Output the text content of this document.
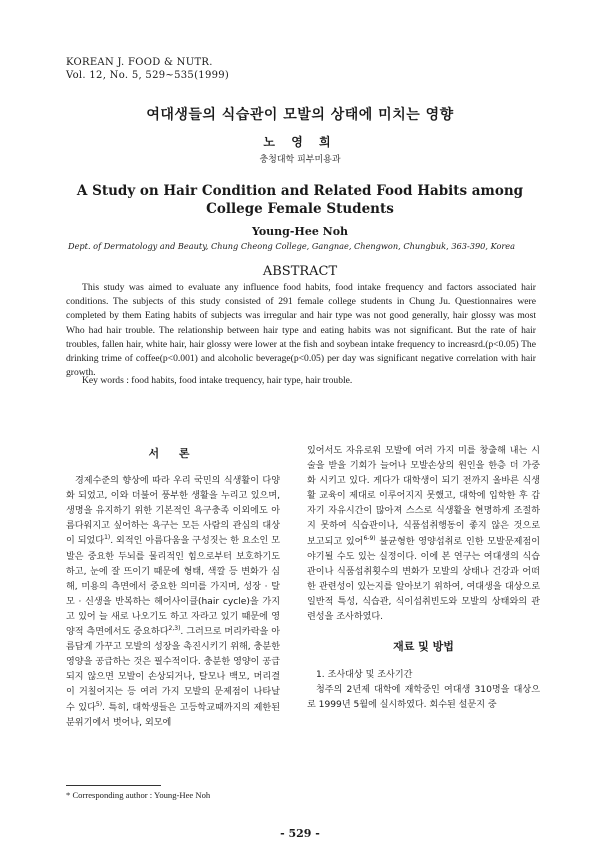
KOREAN J. FOOD & NUTR.
Vol. 12, No. 5, 529~535(1999)
여대생들의 식습관이 모발의 상태에 미치는 영향
노 영 희
충청대학 피부미용과
A Study on Hair Condition and Related Food Habits among
College Female Students
Young-Hee Noh
Dept. of Dermatology and Beauty, Chung Cheong College, Gangnae, Chengwon, Chungbuk, 363-390, Korea
ABSTRACT

This study was aimed to evaluate any influence food habits, food intake frequency and factors associated hair conditions. The subjects of this study consisted of 291 female college students in Chung Ju. Questionnaires were completed by them Eating habits of subjects was irregular and hair type was not good generally, hair glossy was most Who had hair trouble. The relationship between hair type and eating habits was not significant. But the rate of hair troubles, fallen hair, white hair, hair glossy were lower at the fish and soybean intake frequency to increasrd.(p<0.05) The drinking trime of coffee(p<0.001) and alcoholic beverage(p<0.05) per day was significant negative correlation with hair growth.

Key words : food habits, food intake trequency, hair type, hair trouble.
서 론

경제수준의 향상에 따라 우리 국민의 식생활이 다양화 되었고, 이와 더불어 풍부한 생활을 누리고 있으며, 생명을 유지하기 위한 기본적인 욕구충족 이외에도 아름다워지고 싶어하는 욕구는 모든 사람의 관심의 대상이 되었다$^{1)}$. 외적인 아름다움을 구성짓는 한 요소인 모발은 중요한 두뇌를 물리적인 힘으로부터 보호하기도 하고, 눈에 잘 뜨이기 때문에 형태, 색깔 등 변화가 심해, 미용의 측면에서 중요한 의미를 가지며, 성장 · 탈모 · 신생을 반복하는 헤어사이클(hair cycle)을 가지고 있어 늘 새로 나오기도 하고 자라고 있기 때문에 영양적 측면에서도 중요하다$^{2,3)}$. 그러므로 머리카락을 아름답게 가꾸고 모발의 성장을 촉진시키기 위해, 충분한 영양을 공급하는 것은 필수적이다. 충분한 영양이 공급되지 않으면 모발이 손상되거나, 탈모나 백모, 머리결이 거칠어지는 등 여러 가지 모발의 문제점이 나타날 수 있다$^{5)}$. 특히, 대학생들은 고등학교때까지의 제한된 분위기에서 벗어나, 외모에

있어서도 자유로워 모발에 여러 가지 미를 창출해 내는 시술을 받을 기회가 늘어나 모발손상의 원인을 한층 더 가중화 시키고 있다. 게다가 대학생이 되기 전까지 올바른 식생활 교육이 제대로 이루어지지 못했고, 대학에 입학한 후 갑자기 자유시간이 많아져 스스로 식생활을 현명하게 조절하지 못하여 식습관이나, 식품섭취행동이 좋지 않은 것으로 보고되고 있어$^{6-9)}$ 불균형한 영양섭취로 인한 모발문제점이 야기될 수도 있는 실정이다. 이에 본 연구는 여대생의 식습관이나 식품섭취횟수의 변화가 모발의 상태나 건강과 어떠한 관련성이 있는지를 알아보기 위하여, 여대생을 대상으로 일반적 특성, 식습관, 식이섭취빈도와 모발의 상태와의 관련성을 조사하였다.

재료 및 방법
1. 조사대상 및 조사기간

청주의 2년제 대학에 재학중인 여대생 310명을 대상으로 1999년 5월에 실시하였다. 회수된 설문지 중

* Corresponding author : Young-Hee Noh
- 529 -
